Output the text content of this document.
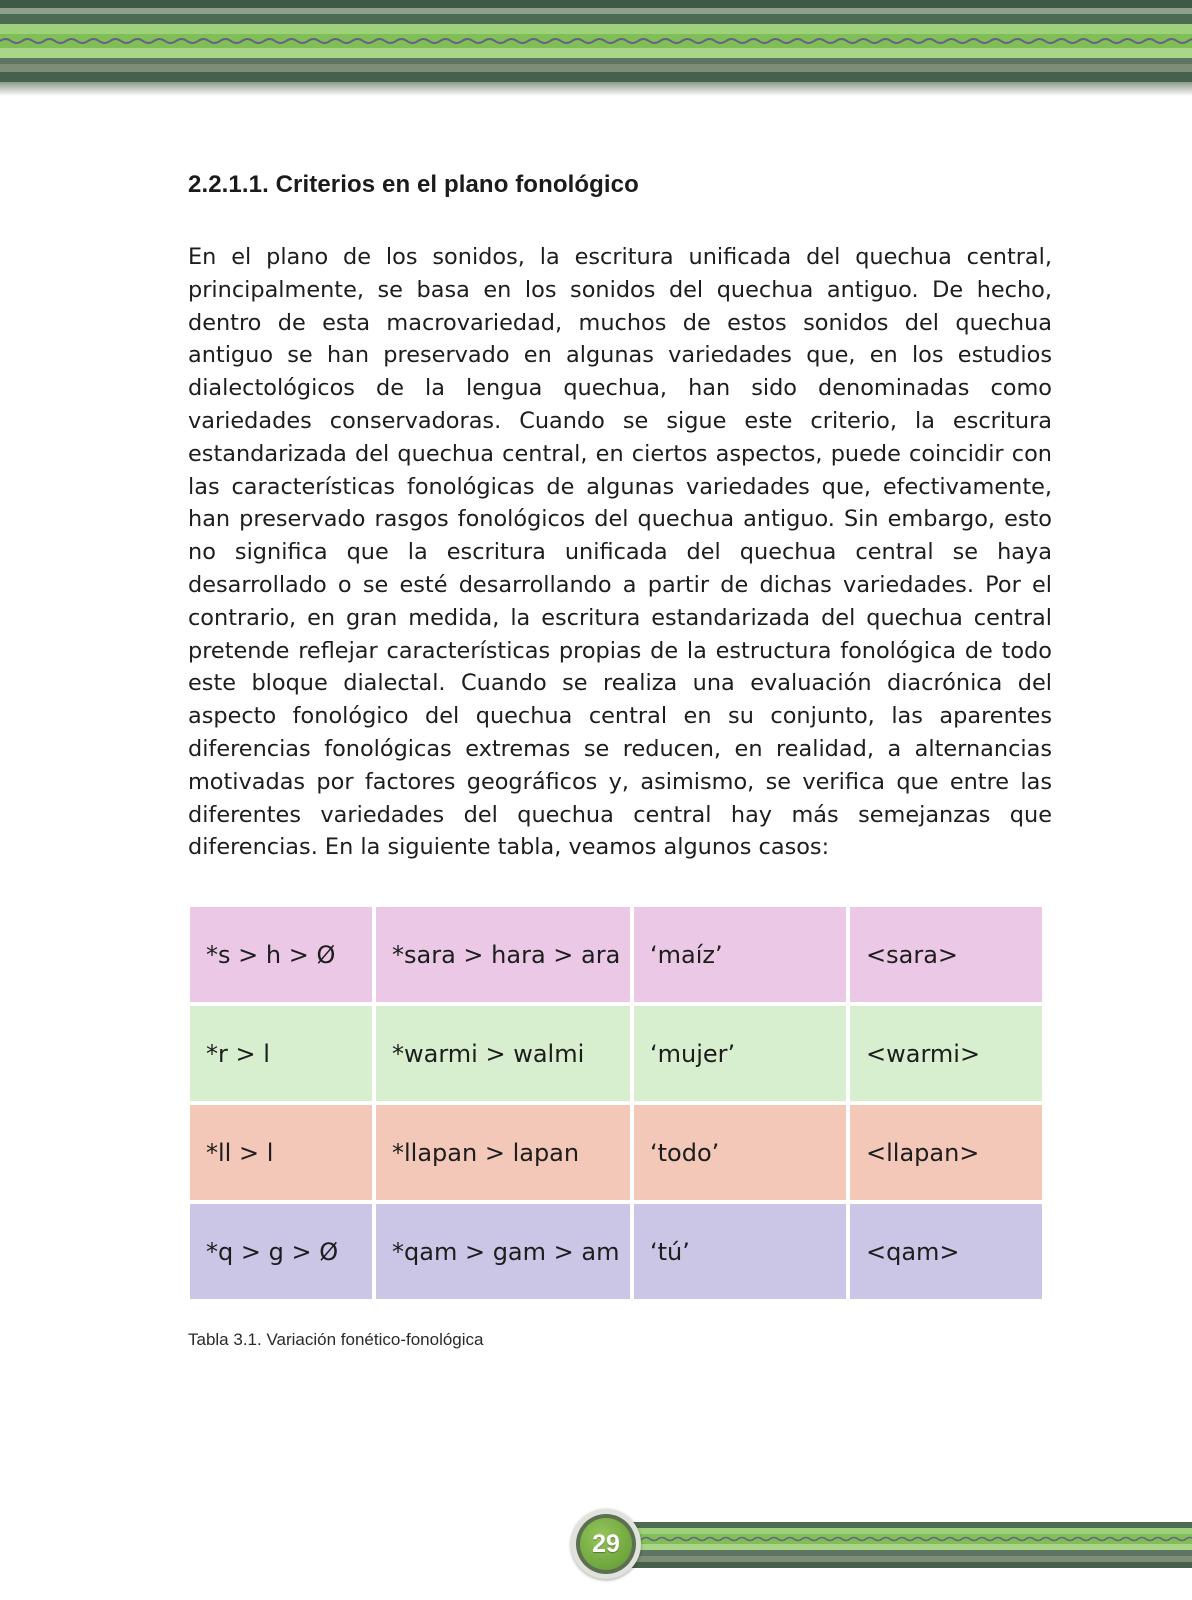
2.2.1.1. Criterios en el plano fonológico

En el plano de los sonidos, la escritura unificada del quechua central, principalmente, se basa en los sonidos del quechua antiguo. De hecho, dentro de esta macrovariedad, muchos de estos sonidos del quechua antiguo se han preservado en algunas variedades que, en los estudios dialectológicos de la lengua quechua, han sido denominadas como variedades conservadoras. Cuando se sigue este criterio, la escritura estandarizada del quechua central, en ciertos aspectos, puede coincidir con las características fonológicas de algunas variedades que, efectivamente, han preservado rasgos fonológicos del quechua antiguo. Sin embargo, esto no significa que la escritura unificada del quechua central se haya desarrollado o se esté desarrollando a partir de dichas variedades. Por el contrario, en gran medida, la escritura estandarizada del quechua central pretende reflejar características propias de la estructura fonológica de todo este bloque dialectal. Cuando se realiza una evaluación diacrónica del aspecto fonológico del quechua central en su conjunto, las aparentes diferencias fonológicas extremas se reducen, en realidad, a alternancias motivadas por factores geográficos y, asimismo, se verifica que entre las diferentes variedades del quechua central hay más semejanzas que diferencias. En la siguiente tabla, veamos algunos casos:

*s > h > Ø	*sara > hara > ara	‘maíz’	<sara>
*r > l	*warmi > walmi	‘mujer’	<warmi>
*ll > l	*llapan > lapan	‘todo’	<llapan>
*q > g > Ø	*qam > gam > am	‘tú’	<qam>

Tabla 3.1. Variación fonético-fonológica

29
